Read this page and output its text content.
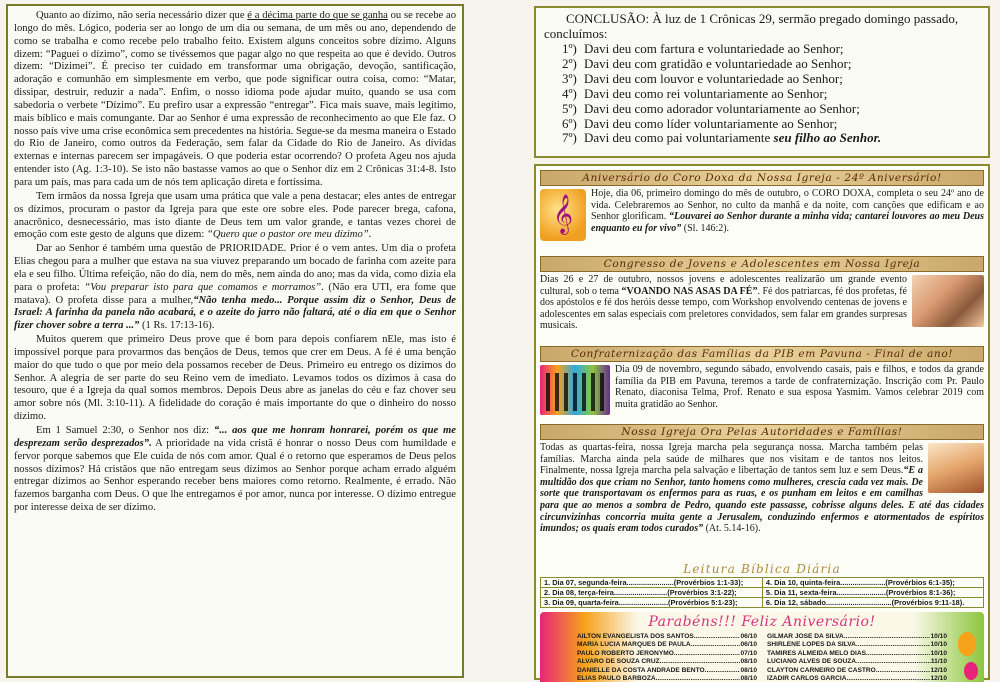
Quanto ao dízimo, não seria necessário dizer que é a décima parte do que se ganha ou se recebe ao longo do mês. Lógico, poderia ser ao longo de um dia ou semana, de um mês ou ano, dependendo de como se trabalha e como recebe pelo trabalho feito. Existem alguns conceitos sobre dízimo. Alguns dizem: “Paguei o dízimo”, como se tivéssemos que pagar algo no que respeita ao que é devido. Outros dizem: “Dizimei”. É preciso ter cuidado em transformar uma obrigação, devoção, santificação, adoração e comunhão em simplesmente em verbo, que pode significar outra coisa, como: “Matar, dissipar, destruir, reduzir a nada”. Enfim, o nosso idioma pode ajudar muito, quando se usa com sabedoria o verbete “Dízimo”. Eu prefiro usar a expressão “entregar”. Fica mais suave, mais legítimo, mais bíblico e mais comungante. Dar ao Senhor é uma expressão de reconhecimento ao que Ele faz. O nosso país vive uma crise econômica sem precedentes na história. Segue-se da mesma maneira o Estado do Rio de Janeiro, como outros da Federação, sem falar da Cidade do Rio de Janeiro. As dívidas externas e internas parecem ser impagáveis. O que poderia estar ocorrendo? O profeta Ageu nos ajuda entender isto (Ag. 1:3-10). Se isto não bastasse vamos ao que o Senhor diz em 2 Crônicas 31:4-8. Isto para um país, mas para cada um de nós tem aplicação direta e fortíssima.

Tem irmãos da nossa Igreja que usam uma prática que vale a pena destacar; eles antes de entregar os dízimos, procuram o pastor da Igreja para que este ore sobre eles. Pode parecer brega, cafona, anacrônico, desnecessário, mas isto diante de Deus tem um valor grande, e tantas vezes chorei de emoção com este gesto de alguns que dizem: “Quero que o pastor ore meu dízimo”.

Dar ao Senhor é também uma questão de PRIORIDADE. Prior é o vem antes. Um dia o profeta Elias chegou para a mulher que estava na sua viuvez preparando um bocado de farinha com azeite para ela e seu filho. Última refeição, não do dia, nem do mês, nem ainda do ano; mas da vida, como dizia ela para o profeta: “Vou preparar isto para que comamos e morramos”. (Não era UTI, era fome que matava). O profeta disse para a mulher,“Não tenha medo... Porque assim diz o Senhor, Deus de Israel: A farinha da panela não acabará, e o azeite do jarro não faltará, até o dia em que o Senhor fizer chover sobre a terra ...” (1 Rs. 17:13-16).

Muitos querem que primeiro Deus prove que é bom para depois confiarem nEle, mas isto é impossível porque para provarmos das bençãos de Deus, temos que crer em Deus. A fé é uma benção maior do que tudo o que por meio dela possamos receber de Deus. Primeiro eu entrego os dízimos do Senhor. A alegria de ser parte do seu Reino vem de imediato. Levamos todos os dízimos à casa do tesouro, que é a Igreja da qual somos membros. Depois Deus abre as janelas do céu e faz chover seu amor sobre nós (Ml. 3:10-11). A fidelidade do coração é mais importante do que o dinheiro do nosso dízimo.

Em 1 Samuel 2:30, o Senhor nos diz: “... aos que me honram honrarei, porém os que me desprezam serão desprezados”. A prioridade na vida cristã é honrar o nosso Deus com humildade e fervor porque sabemos que Ele cuida de nós com amor. Qual é o retorno que esperamos de Deus pelos nossos dízimos? Há cristãos que não entregam seus dízimos ao Senhor porque acham errado alguém entregar dízimos ao Senhor esperando receber bens maiores como retorno. Realmente, é errado. Não fazemos barganha com Deus. O que lhe entregamos é por amor, nunca por interesse. O dízimo entregue por interesse deixa de ser dízimo.

CONCLUSÃO: À luz de 1 Crônicas 29, sermão pregado domingo passado, concluímos:
1º) Davi deu com fartura e voluntariedade ao Senhor;
2º) Davi deu com gratidão e voluntariedade ao Senhor;
3º) Davi deu com louvor e voluntariedade ao Senhor;
4º) Davi deu como rei voluntariamente ao Senhor;
5º) Davi deu como adorador voluntariamente ao Senhor;
6º) Davi deu como líder voluntariamente ao Senhor;
7º) Davi deu como pai voluntariamente seu filho ao Senhor.
Aniversário do Coro Doxa da Nossa Igreja - 24º Aniversário!
𝄞
Hoje, dia 06, primeiro domingo do mês de outubro, o CORO DOXA, completa o seu 24º ano de vida. Celebraremos ao Senhor, no culto da manhã e da noite, com canções que edificam e ao Senhor glorificam. “Louvarei ao Senhor durante a minha vida; cantarei louvores ao meu Deus enquanto eu for vivo” (Sl. 146:2).
Congresso de Jovens e Adolescentes em Nossa Igreja
Dias 26 e 27 de outubro, nossos jovens e adolescentes realizarão um grande evento cultural, sob o tema “VOANDO NAS ASAS DA FÉ”. Fé dos patriarcas, fé dos profetas, fé dos apóstolos e fé dos heróis desse tempo, com Workshop envolvendo centenas de jovens e adolescentes em salas especiais com preletores convidados, sem falar em grandes surpresas musicais.
Confraternização das Famílias da PIB em Pavuna - Final de ano!
Dia 09 de novembro, segundo sábado, envolvendo casais, pais e filhos, e todos da grande família da PIB em Pavuna, teremos a tarde de confraternização. Inscrição com Pr. Paulo Renato, diaconisa Telma, Prof. Renato e sua esposa Yasmim. Vamos celebrar 2019 com muita gratidão ao Senhor.
Nossa Igreja Ora Pelas Autoridades e Famílias!
Todas as quartas-feira, nossa Igreja marcha pela segurança nossa. Marcha também pelas famílias. Marcha ainda pela saúde de milhares que nos visitam e de tantos nos leitos. Finalmente, nossa Igreja marcha pela salvação e libertação de tantos sem luz e sem Deus.“E a multidão dos que criam no Senhor, tanto homens como mulheres, crescia cada vez mais. De sorte que transportavam os enfermos para as ruas, e os punham em leitos e em camilhas para que ao menos a sombra de Pedro, quando este passasse, cobrisse alguns deles. E até das cidades circunvizinhas concorria muita gente a Jerusalem, conduzindo enfermos e atormentados de espíritos imundos; os quais eram todos curados” (At. 5.14-16).
Leitura Bíblica Diária
1. Dia 07, segunda-feira.......................(Provérbios 1:1-33);	4. Dia 10, quinta-feira......................(Provérbios 6:1-35);
2. Dia 08, terça-feira..........................(Provérbios 3:1-22);	5. Dia 11, sexta-feira........................(Provérbios 8:1-36);
3. Dia 09, quarta-feira........................(Provérbios 5:1-23);	6. Dia 12, sábado................................(Provérbios 9:11-18).
Parabéns!!! Feliz Aniversário!
AILTON EVANGELISTA DOS SANTOS .....	06/10
MARIA LUCIA MARQUES DE PAULA .....	06/10
PAULO ROBERTO JERONYMO .....	07/10
ALVARO DE SOUZA CRUZ .....	08/10
DANIELLE DA COSTA ANDRADE BENTO .....	08/10
ELIAS PAULO BARBOZA .....	08/10
GILMAR JOSE DA SILVA .....	10/10
SHIRLENE LOPES DA SILVA .....	10/10
TAMIRES ALMEIDA MELO DIAS .....	10/10
LUCIANO ALVES DE SOUZA .....	11/10
CLAYTON CARNEIRO DE CASTRO .....	12/10
IZADIR CARLOS GARCIA .....	12/10
